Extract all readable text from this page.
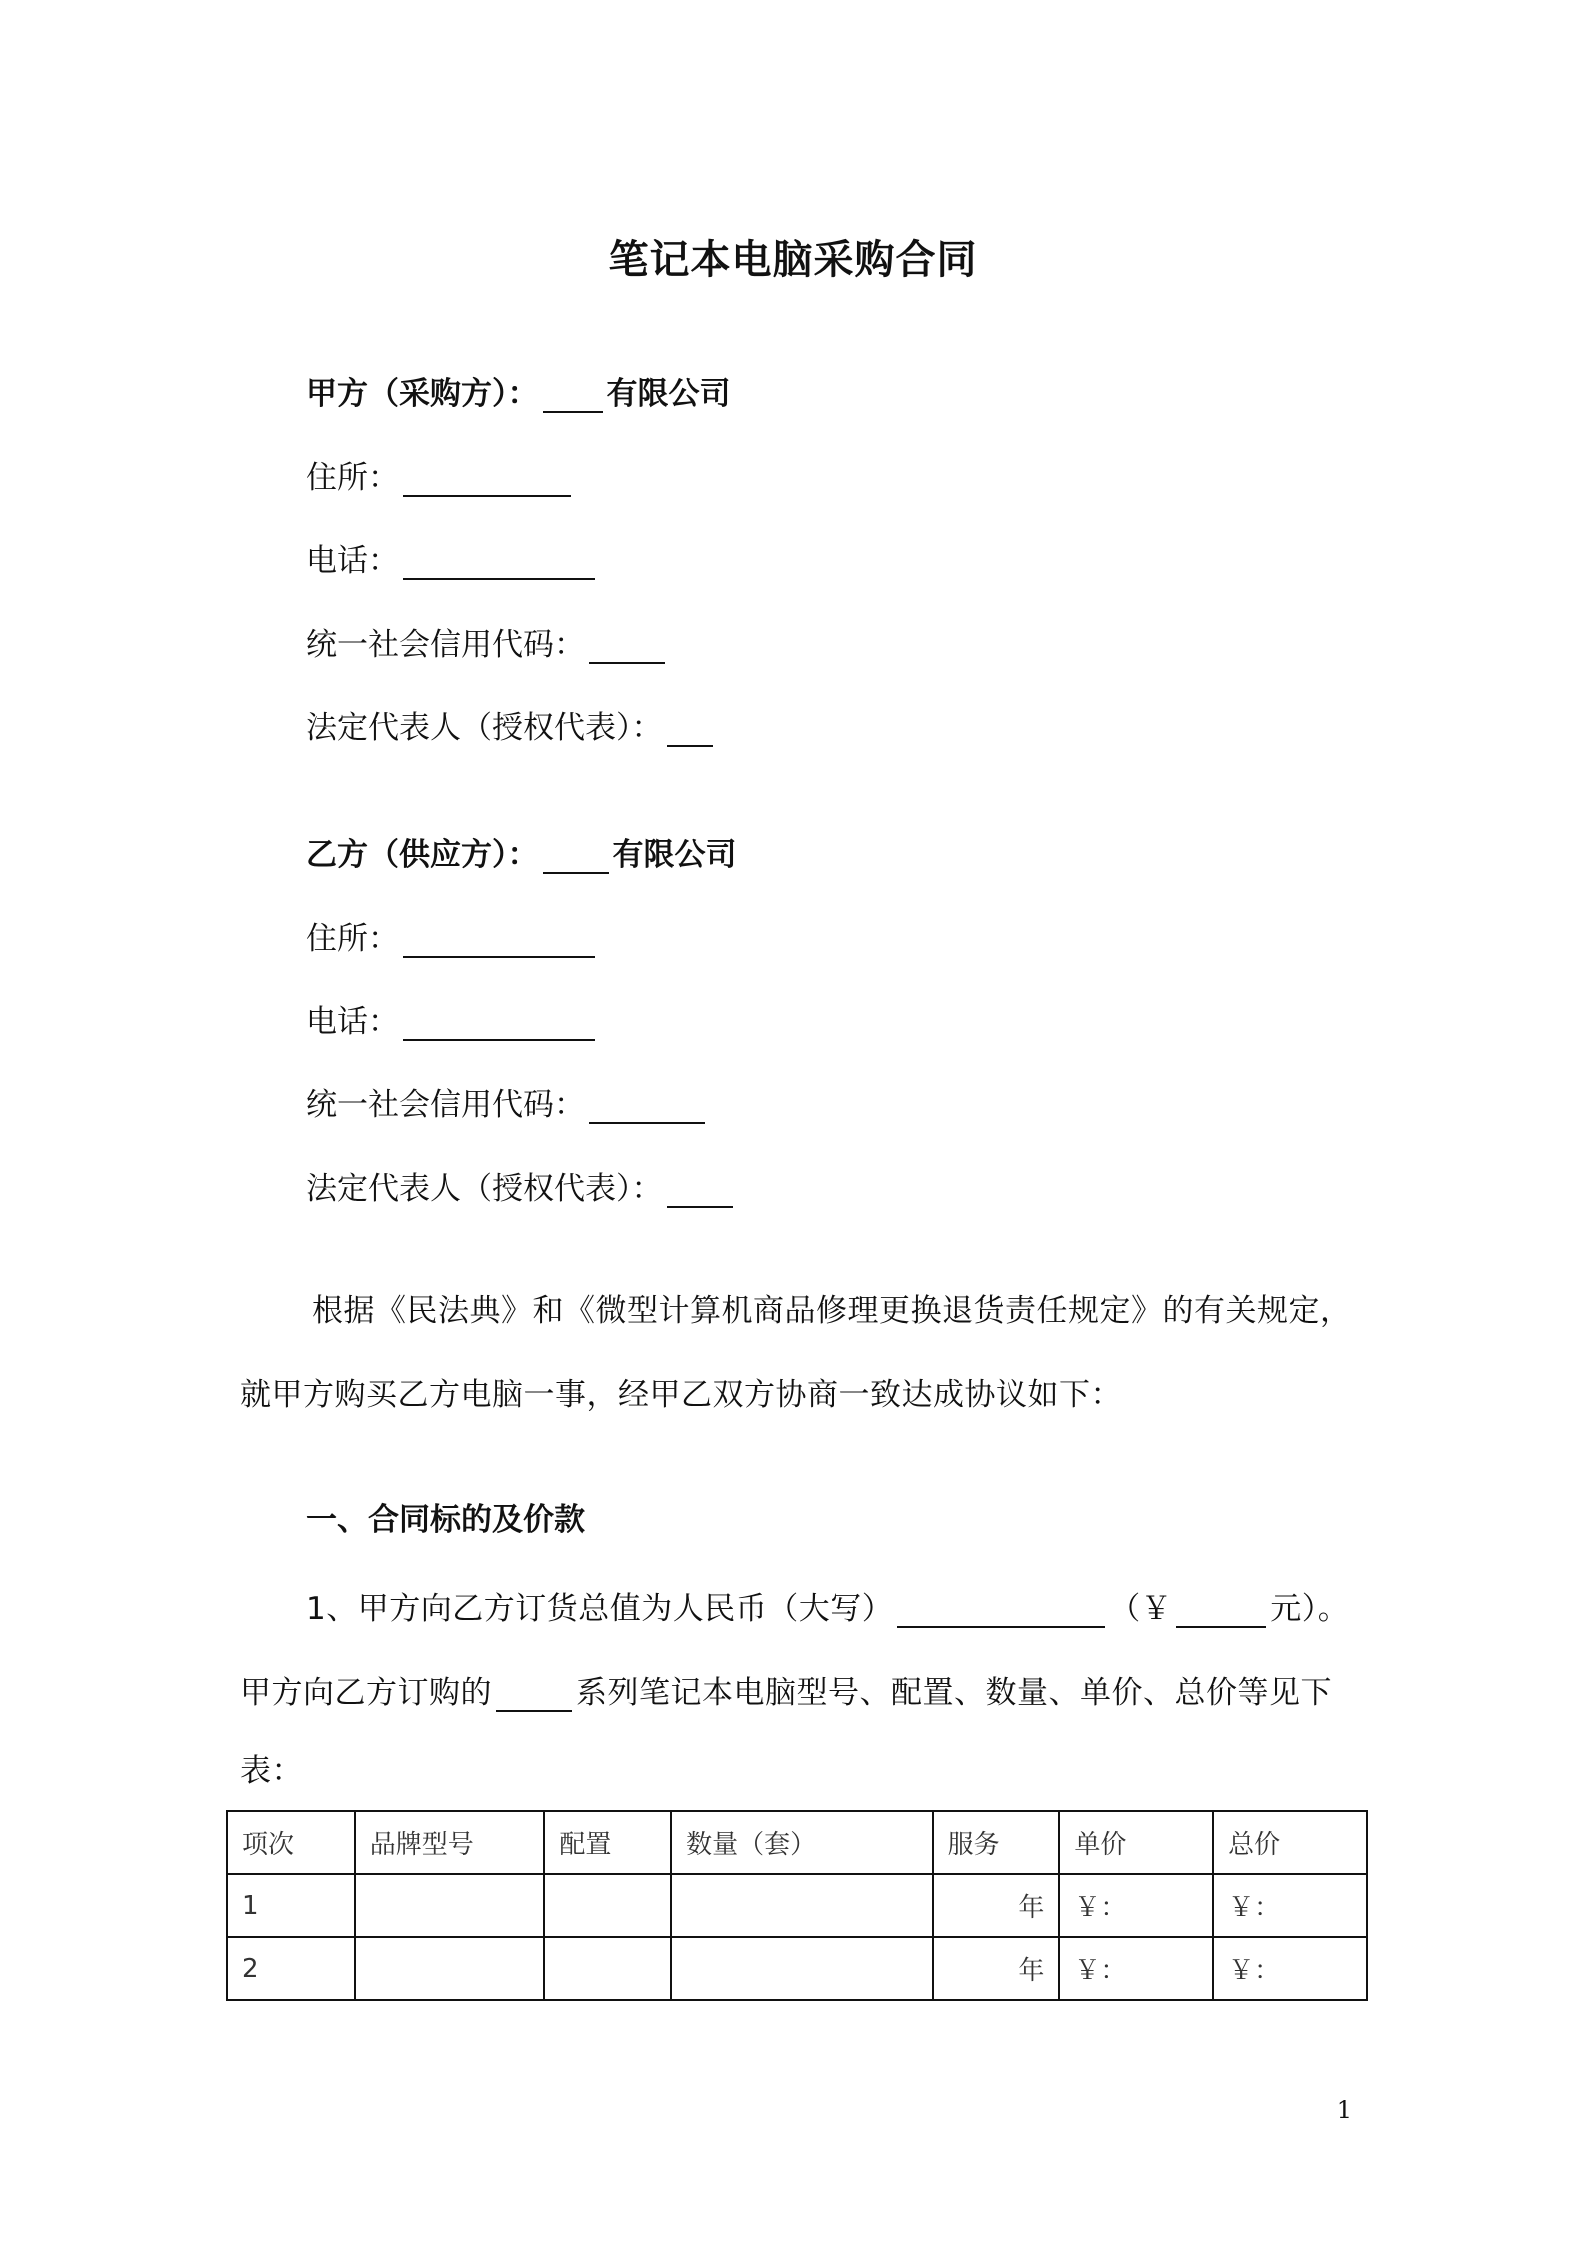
笔记本电脑采购合同
甲方（采购方）： 有限公司
住所：
电话：
统一社会信用代码：
法定代表人（授权代表）：
乙方（供应方）： 有限公司
住所：
电话：
统一社会信用代码：
法定代表人（授权代表）：
根据《民法典》和《微型计算机商品修理更换退货责任规定》的有关规定，
就甲方购买乙方电脑一事，经甲乙双方协商一致达成协议如下：
一、合同标的及价款
1、甲方向乙方订货总值为人民币（大写）	（￥	元）。
甲方向乙方订购的	系列笔记本电脑型号、配置、数量、单价、总价等见下
表：
项次	品牌型号	配置	数量（套）	服务	单价	总价
1				年	￥：	￥：
2				年	￥：	￥：
1
